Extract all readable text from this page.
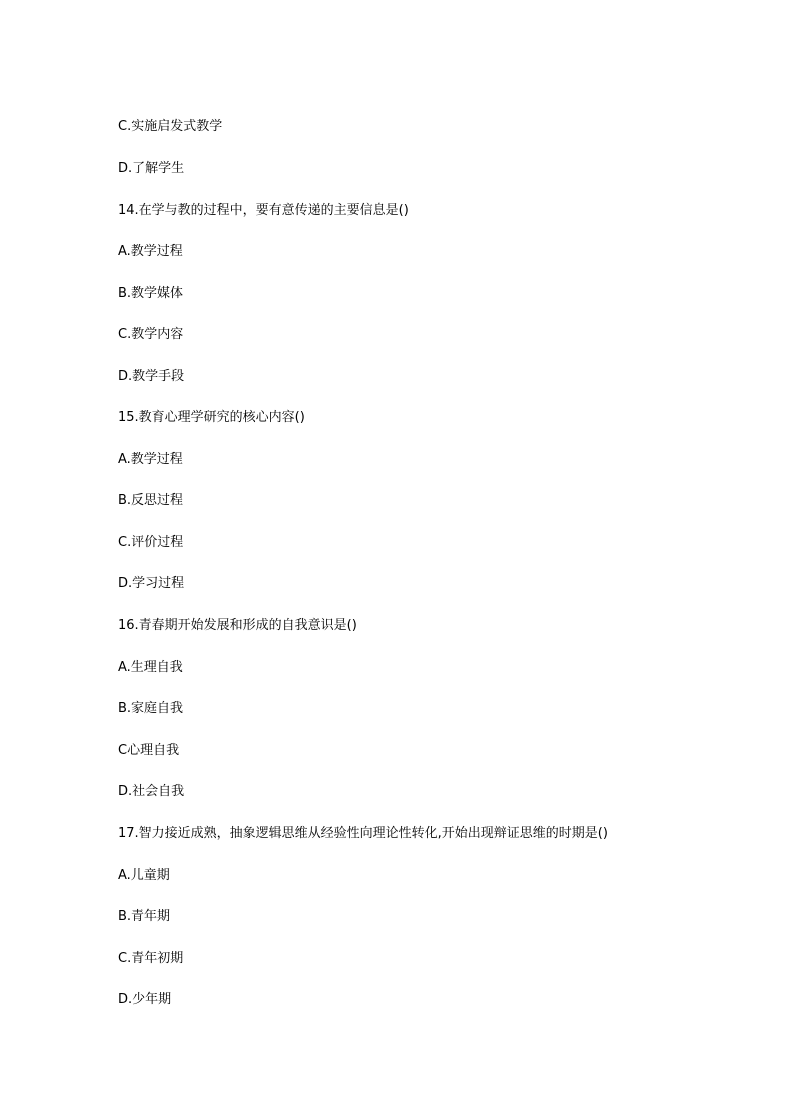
C.实施启发式教学
D.了解学生
14.在学与教的过程中，要有意传递的主要信息是()
A.教学过程
B.教学媒体
C.教学内容
D.教学手段
15.教育心理学研究的核心内容()
A.教学过程
B.反思过程
C.评价过程
D.学习过程
16.青春期开始发展和形成的自我意识是()
A.生理自我
B.家庭自我
C心理自我
D.社会自我
17.智力接近成熟，抽象逻辑思维从经验性向理论性转化,开始出现辩证思维的时期是()
A.儿童期
B.青年期
C.青年初期
D.少年期
